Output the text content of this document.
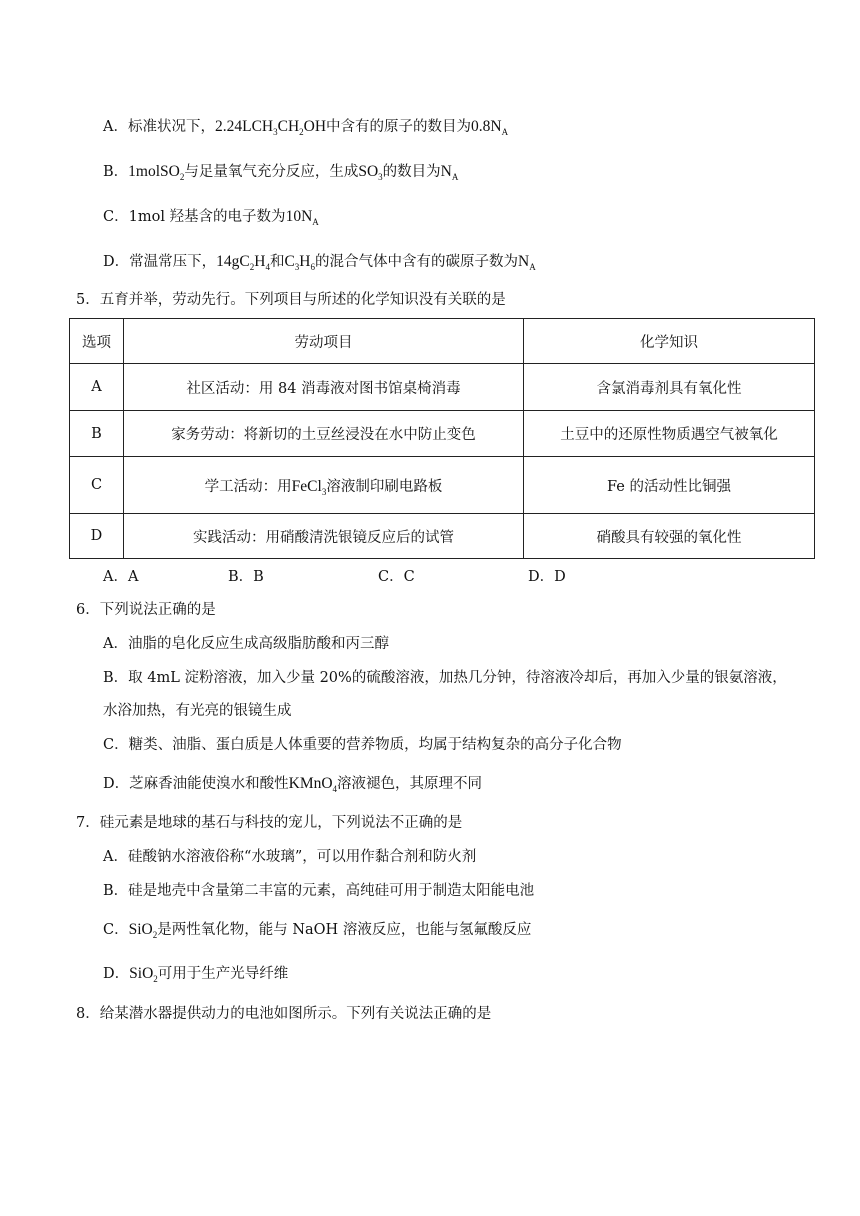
A．标准状况下，$2.24LCH_3CH_2OH$中含有的原子的数目为$0.8N_A$
B．1molSO$_2$与足量氧气充分反应，生成$SO_3$的数目为$N_A$
C．1mol 羟基含的电子数为$10N_A$
D．常温常压下，$14gC_2H_4$和$C_3H_6$的混合气体中含有的碳原子数为$N_A$
5．五育并举，劳动先行。下列项目与所述的化学知识没有关联的是
选项	劳动项目	化学知识
A	社区活动：用 84 消毒液对图书馆桌椅消毒	含氯消毒剂具有氧化性
B	家务劳动：将新切的土豆丝浸没在水中防止变色	土豆中的还原性物质遇空气被氧化
C	学工活动：用FeCl$_3$溶液制印刷电路板	Fe 的活动性比铜强
D	实践活动：用硝酸清洗银镜反应后的试管	硝酸具有较强的氧化性
A．A	B．B	C．C	D．D
6．下列说法正确的是
A．油脂的皂化反应生成高级脂肪酸和丙三醇
B．取 4mL 淀粉溶液，加入少量 20%的硫酸溶液，加热几分钟，待溶液冷却后，再加入少量的银氨溶液，
水浴加热，有光亮的银镜生成
C．糖类、油脂、蛋白质是人体重要的营养物质，均属于结构复杂的高分子化合物
D．芝麻香油能使溴水和酸性KMnO$_4$溶液褪色，其原理不同
7．硅元素是地球的基石与科技的宠儿，下列说法不正确的是
A．硅酸钠水溶液俗称“水玻璃”，可以用作黏合剂和防火剂
B．硅是地壳中含量第二丰富的元素，高纯硅可用于制造太阳能电池
C．SiO$_2$是两性氧化物，能与 NaOH 溶液反应，也能与氢氟酸反应
D．SiO$_2$可用于生产光导纤维
8．给某潜水器提供动力的电池如图所示。下列有关说法正确的是
